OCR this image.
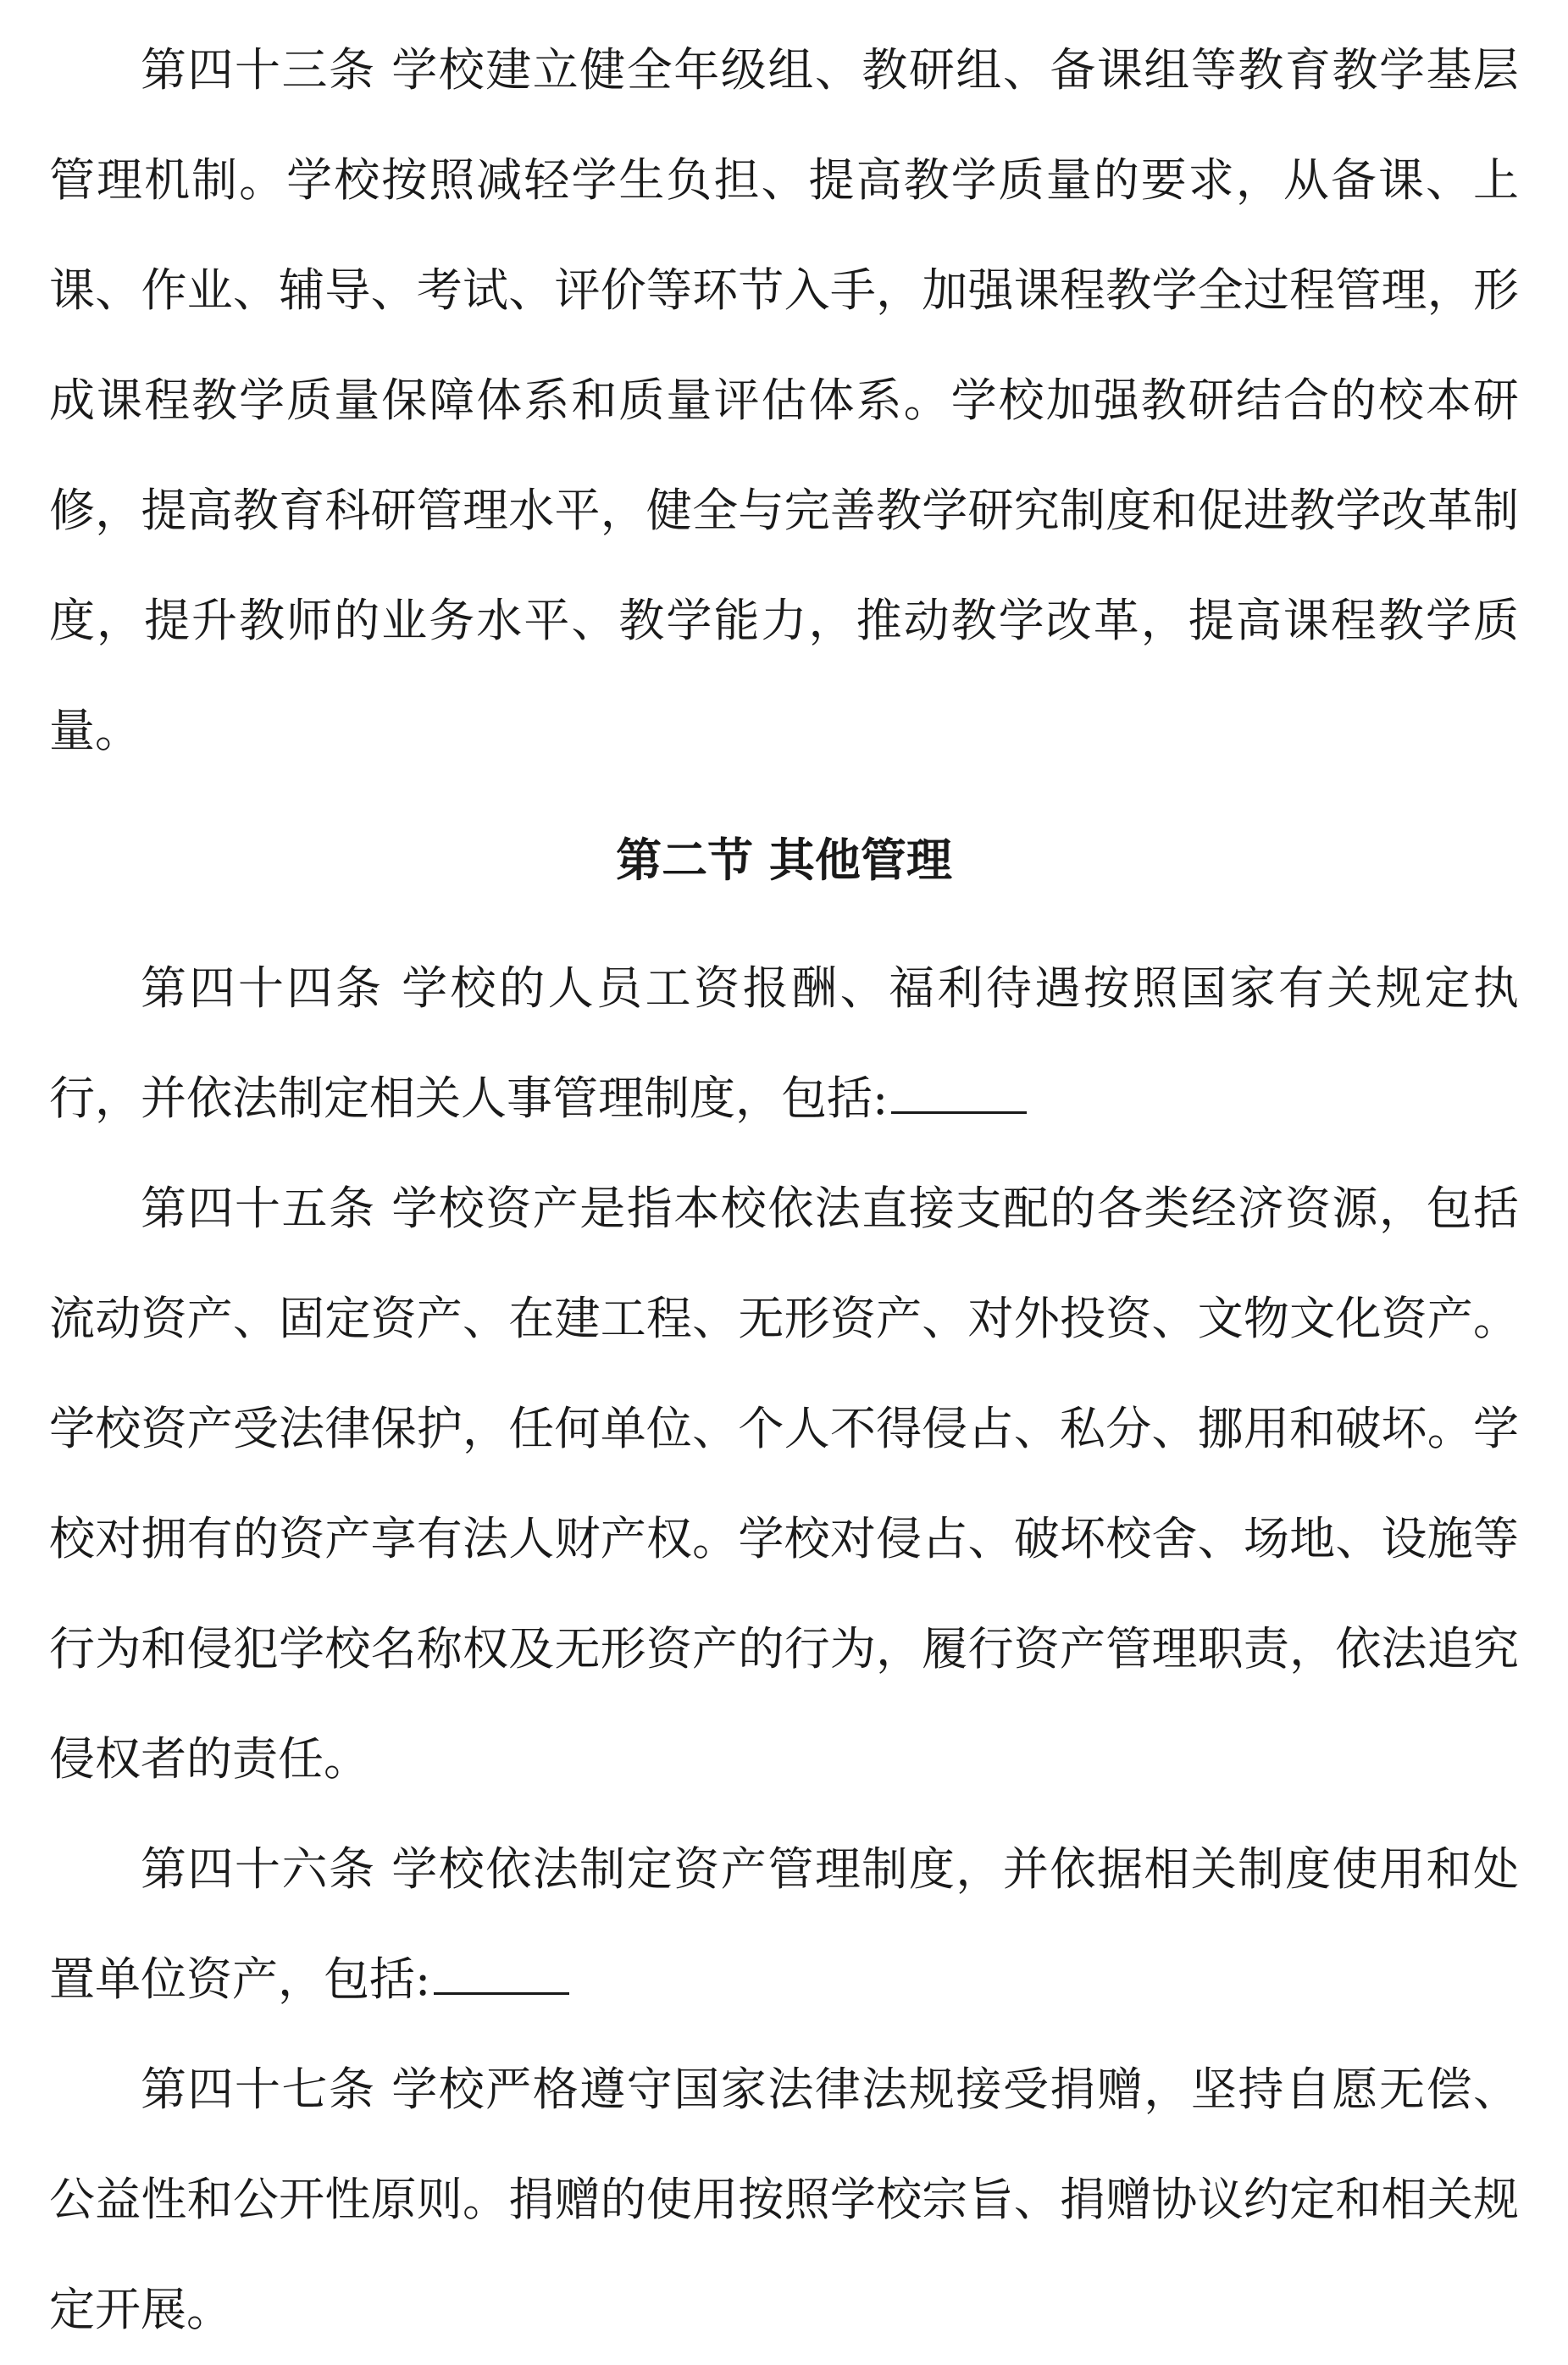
第四十三条 学校建立健全年级组、教研组、备课组等教育教学基层管理机制。学校按照减轻学生负担、提高教学质量的要求，从备课、上课、作业、辅导、考试、评价等环节入手，加强课程教学全过程管理，形成课程教学质量保障体系和质量评估体系。学校加强教研结合的校本研修，提高教育科研管理水平，健全与完善教学研究制度和促进教学改革制度，提升教师的业务水平、教学能力，推动教学改革，提高课程教学质量。

第二节 其他管理

第四十四条 学校的人员工资报酬、福利待遇按照国家有关规定执行，并依法制定相关人事管理制度，包括:

第四十五条 学校资产是指本校依法直接支配的各类经济资源，包括流动资产、固定资产、在建工程、无形资产、对外投资、文物文化资产。学校资产受法律保护，任何单位、个人不得侵占、私分、挪用和破坏。学校对拥有的资产享有法人财产权。学校对侵占、破坏校舍、场地、设施等行为和侵犯学校名称权及无形资产的行为，履行资产管理职责，依法追究侵权者的责任。

第四十六条 学校依法制定资产管理制度，并依据相关制度使用和处置单位资产，包括:

第四十七条 学校严格遵守国家法律法规接受捐赠，坚持自愿无偿、公益性和公开性原则。捐赠的使用按照学校宗旨、捐赠协议约定和相关规定开展。
